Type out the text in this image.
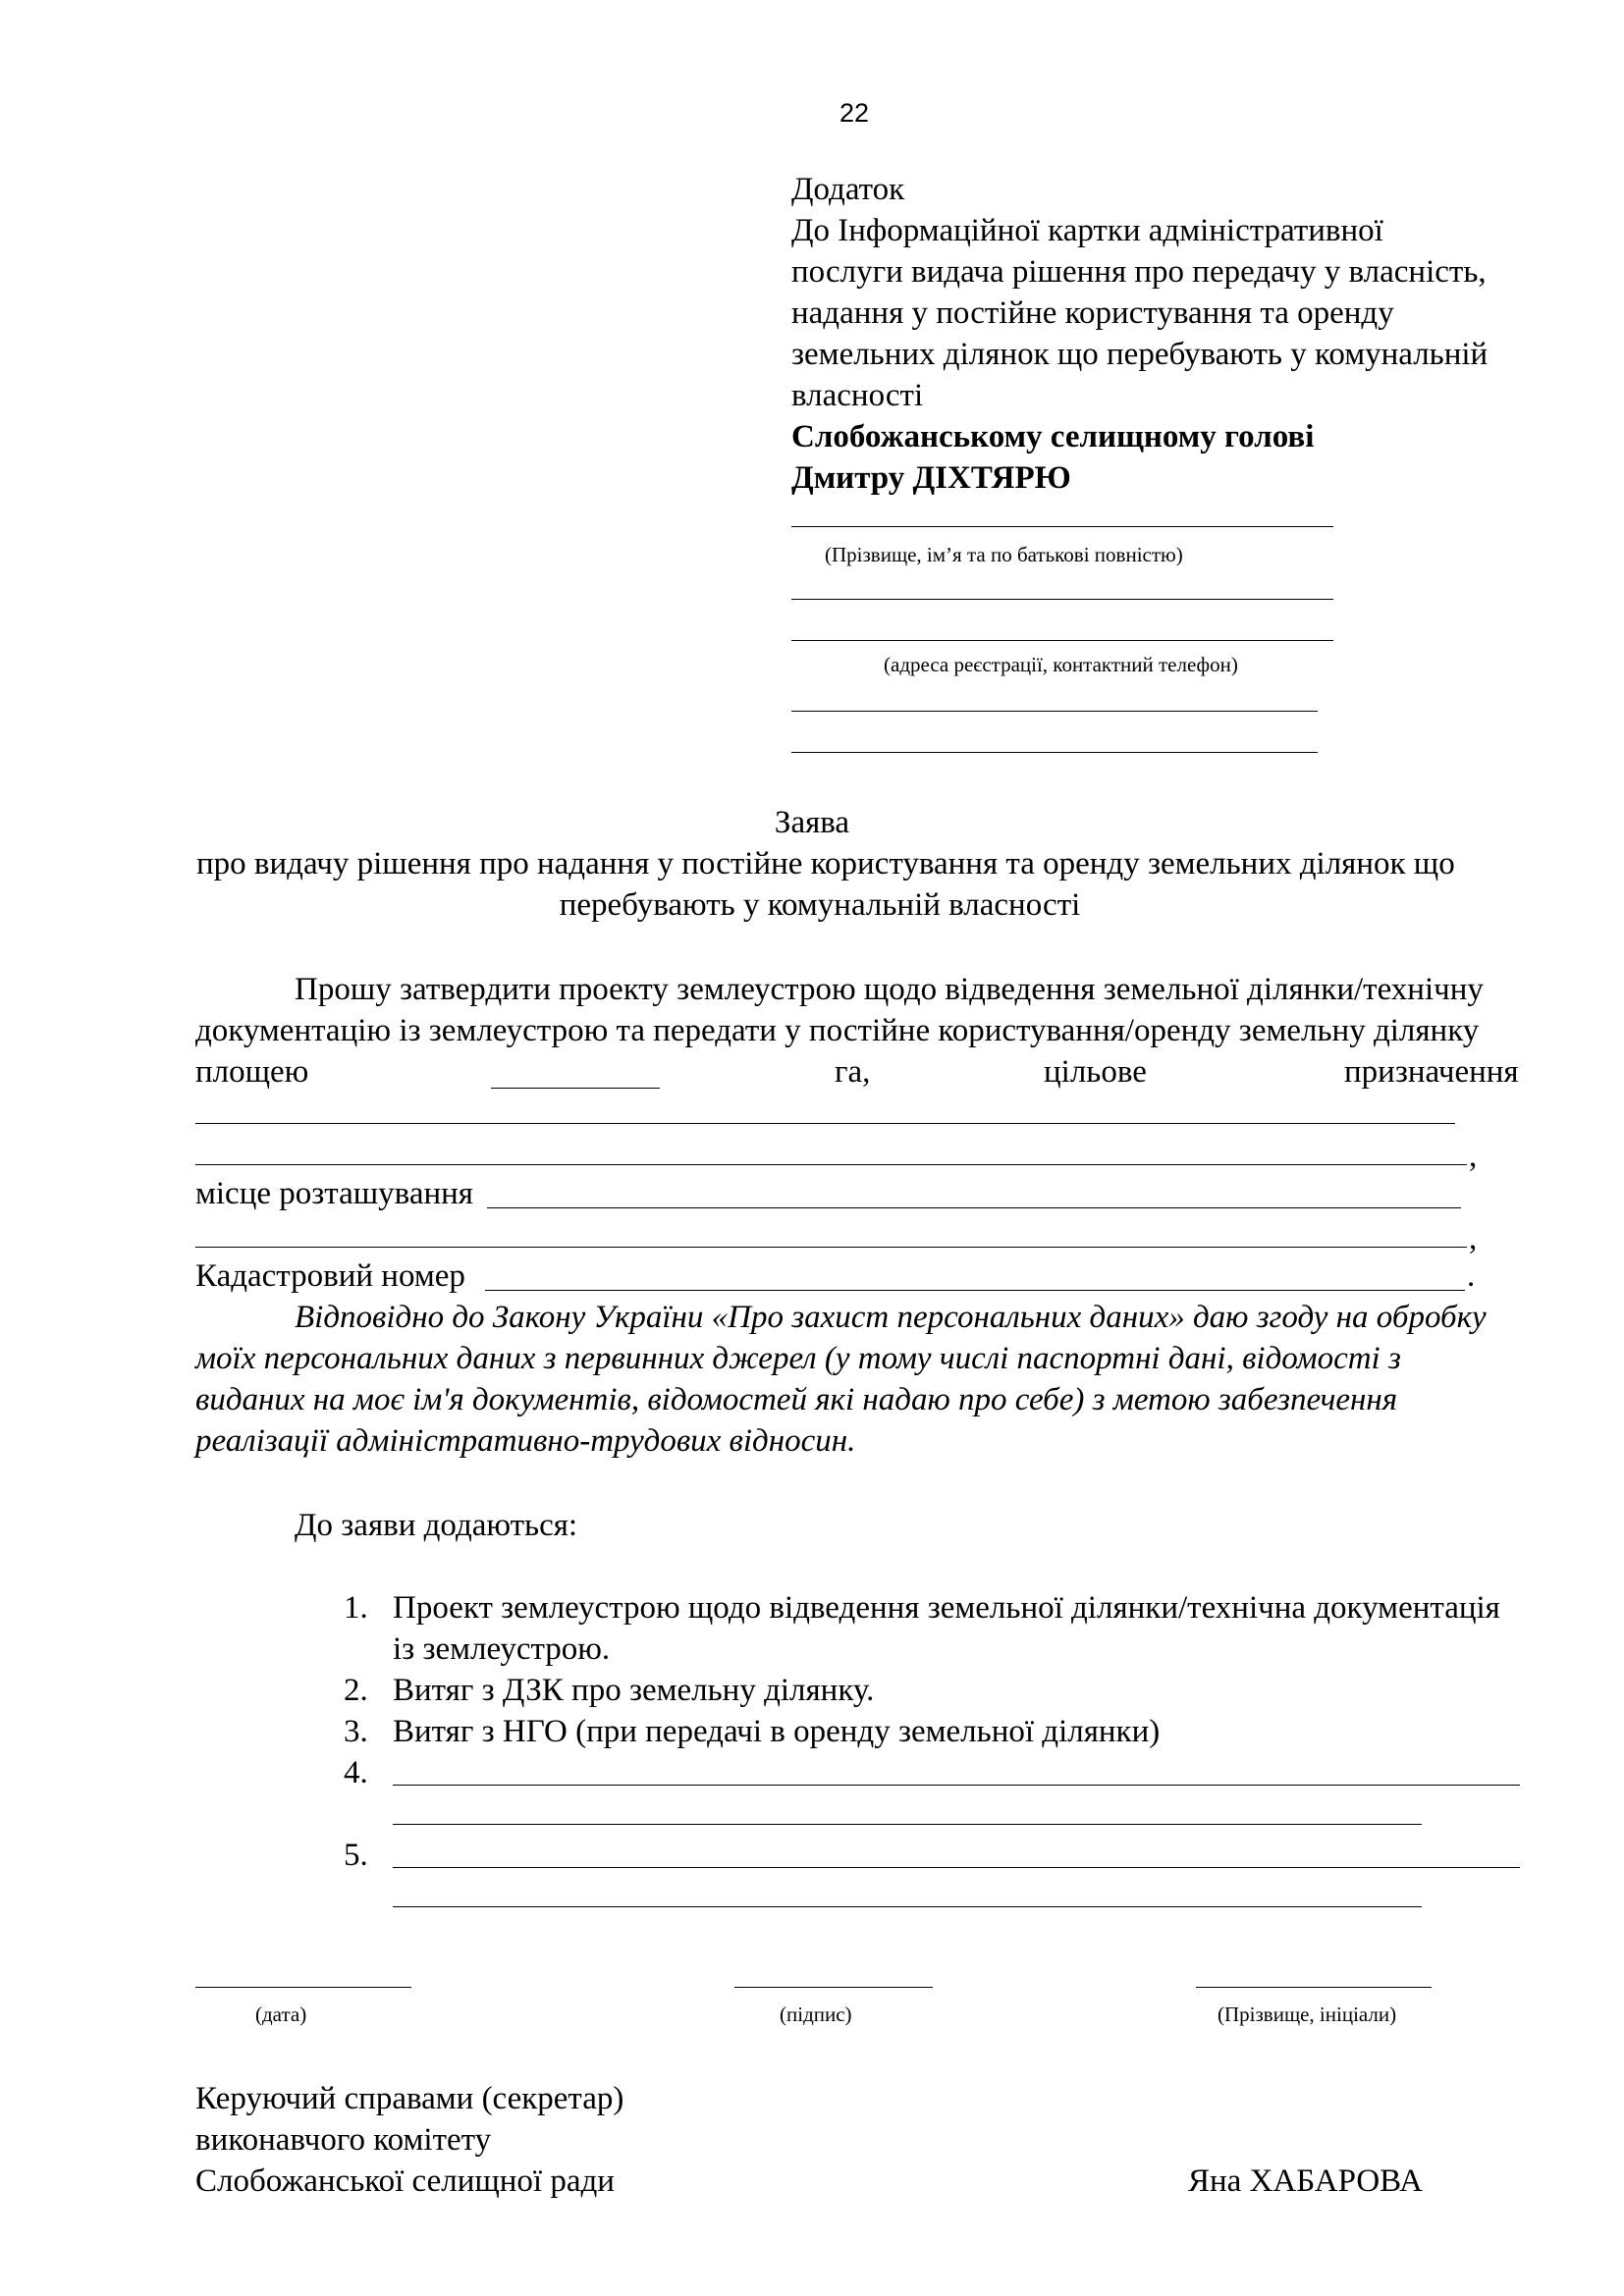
22
Додаток
До Інформаційної картки адміністративної
послуги видача рішення про передачу у власність,
надання у постійне користування та оренду
земельних ділянок що перебувають у комунальній
власності
Слобожанському селищному голові
Дмитру ДІХТЯРЮ
(Прізвище, ім’я та по батькові повністю)
(адреса реєстрації, контактний телефон)
Заява
про видачу рішення про надання у постійне користування та оренду земельних ділянок що
перебувають у комунальній власності
Прошу затвердити проекту землеустрою щодо відведення земельної ділянки/технічну
документацію із землеустрою та передати у постійне користування/оренду земельну ділянку
площею	га,	цільове	призначення
,
місце розташування
,
Кадастровий номер	.
Відповідно до Закону України «Про захист персональних даних» даю згоду на обробку
моїх персональних даних з первинних джерел (у тому числі паспортні дані, відомості з
виданих на моє ім'я документів, відомостей які надаю про себе) з метою забезпечення
реалізації адміністративно-трудових відносин.
До заяви додаються:
1. Проект землеустрою щодо відведення земельної ділянки/технічна документація
із землеустрою.
2. Витяг з ДЗК про земельну ділянку.
3. Витяг з НГО (при передачі в оренду земельної ділянки)
4.
5.
(дата)	(підпис)	(Прізвище, ініціали)
Керуючий справами (секретар)
виконавчого комітету
Слобожанської селищної ради	Яна ХАБАРОВА
